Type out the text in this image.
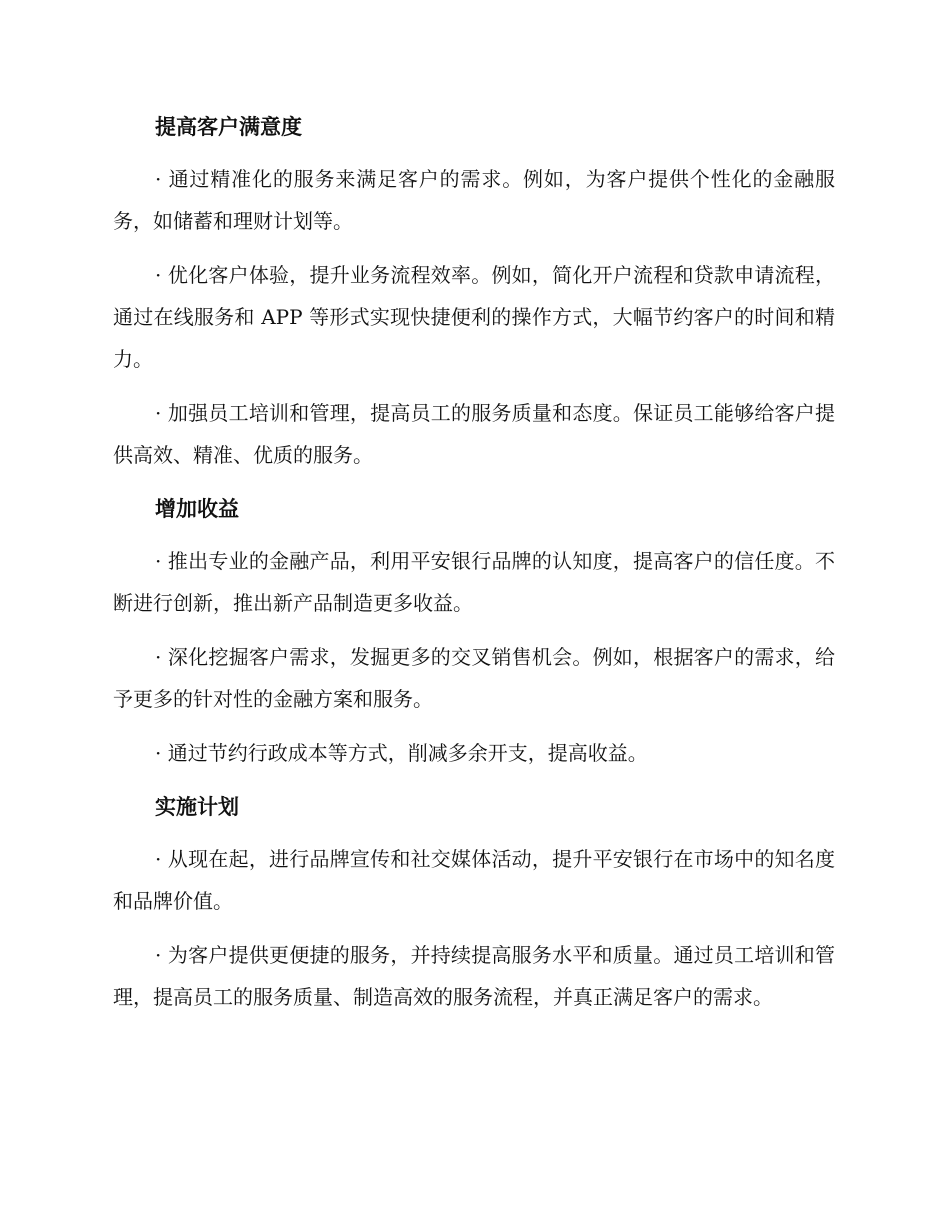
提高客户满意度

· 通过精准化的服务来满足客户的需求。例如，为客户提供个性化的金融服务，如储蓄和理财计划等。

· 优化客户体验，提升业务流程效率。例如，简化开户流程和贷款申请流程，通过在线服务和 APP 等形式实现快捷便利的操作方式，大幅节约客户的时间和精力。

· 加强员工培训和管理，提高员工的服务质量和态度。保证员工能够给客户提供高效、精准、优质的服务。

增加收益

· 推出专业的金融产品，利用平安银行品牌的认知度，提高客户的信任度。不断进行创新，推出新产品制造更多收益。

· 深化挖掘客户需求，发掘更多的交叉销售机会。例如，根据客户的需求，给予更多的针对性的金融方案和服务。

· 通过节约行政成本等方式，削减多余开支，提高收益。

实施计划

· 从现在起，进行品牌宣传和社交媒体活动，提升平安银行在市场中的知名度和品牌价值。

· 为客户提供更便捷的服务，并持续提高服务水平和质量。通过员工培训和管理，提高员工的服务质量、制造高效的服务流程，并真正满足客户的需求。
